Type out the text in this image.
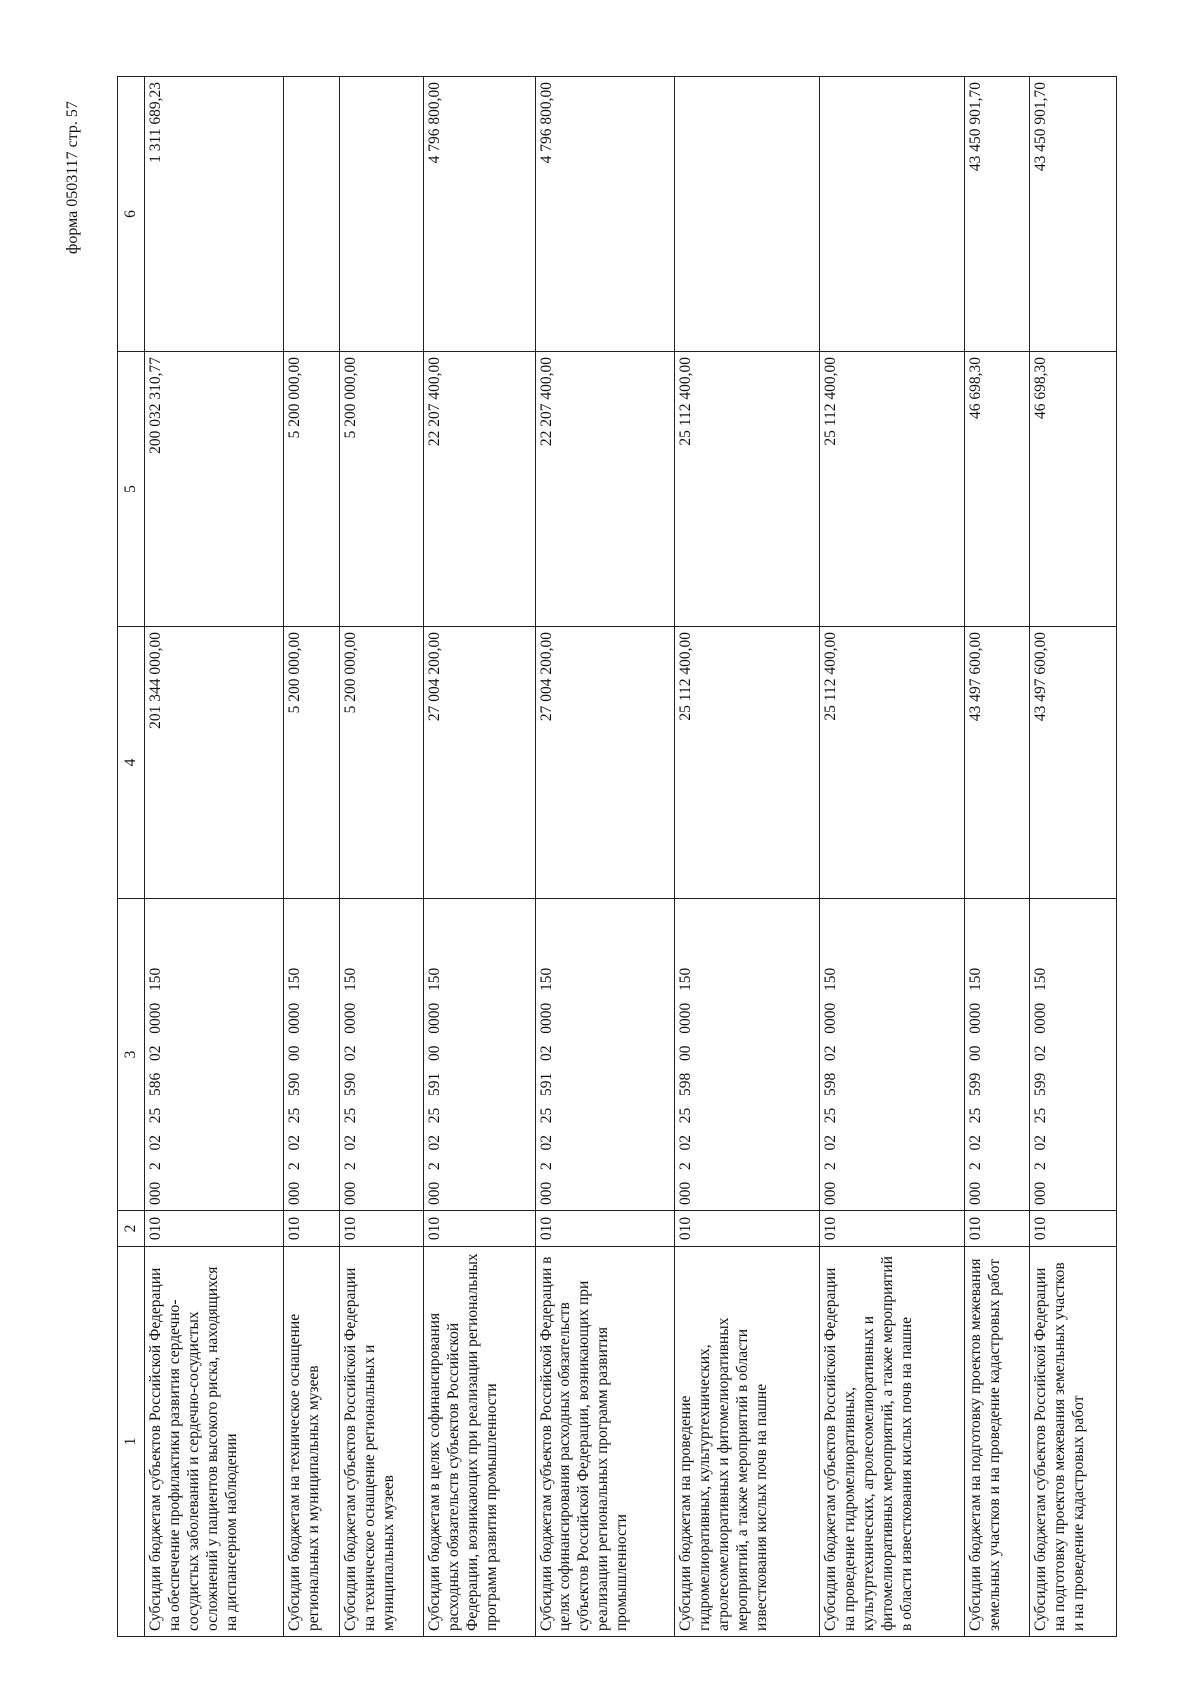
форма 0503117 стр. 57
1	2	3	4	5	6
Субсидии бюджетам субъектов Российской Федерации на обеспечение профилактики развития сердечно-сосудистых заболеваний и сердечно-сосудистых осложнений у пациентов высокого риска, находящихся на диспансерном наблюдении	010	000  2  02  25  586  02  0000  150	201 344 000,00	200 032 310,77	1 311 689,23
Субсидии бюджетам на техническое оснащение региональных и муниципальных музеев	010	000  2  02  25  590  00  0000  150	5 200 000,00	5 200 000,00	
Субсидии бюджетам субъектов Российской Федерации на техническое оснащение региональных и муниципальных музеев	010	000  2  02  25  590  02  0000  150	5 200 000,00	5 200 000,00	
Субсидии бюджетам в целях софинансирования расходных обязательств субъектов Российской Федерации, возникающих при реализации региональных программ развития промышленности	010	000  2  02  25  591  00  0000  150	27 004 200,00	22 207 400,00	4 796 800,00
Субсидии бюджетам субъектов Российской Федерации в целях софинансирования расходных обязательств субъектов Российской Федерации, возникающих при реализации региональных программ развития промышленности	010	000  2  02  25  591  02  0000  150	27 004 200,00	22 207 400,00	4 796 800,00
Субсидии бюджетам на проведение гидромелиоративных, культуртехнических, агролесомелиоративных и фитомелиоративных мероприятий, а также мероприятий в области известкования кислых почв на пашне	010	000  2  02  25  598  00  0000  150	25 112 400,00	25 112 400,00	
Субсидии бюджетам субъектов Российской Федерации на проведение гидромелиоративных, культуртехнических, агролесомелиоративных и фитомелиоративных мероприятий, а также мероприятий в области известкования кислых почв на пашне	010	000  2  02  25  598  02  0000  150	25 112 400,00	25 112 400,00	
Субсидии бюджетам на подготовку проектов межевания земельных участков и на проведение кадастровых работ	010	000  2  02  25  599  00  0000  150	43 497 600,00	46 698,30	43 450 901,70
Субсидии бюджетам субъектов Российской Федерации на подготовку проектов межевания земельных участков и на проведение кадастровых работ	010	000  2  02  25  599  02  0000  150	43 497 600,00	46 698,30	43 450 901,70
